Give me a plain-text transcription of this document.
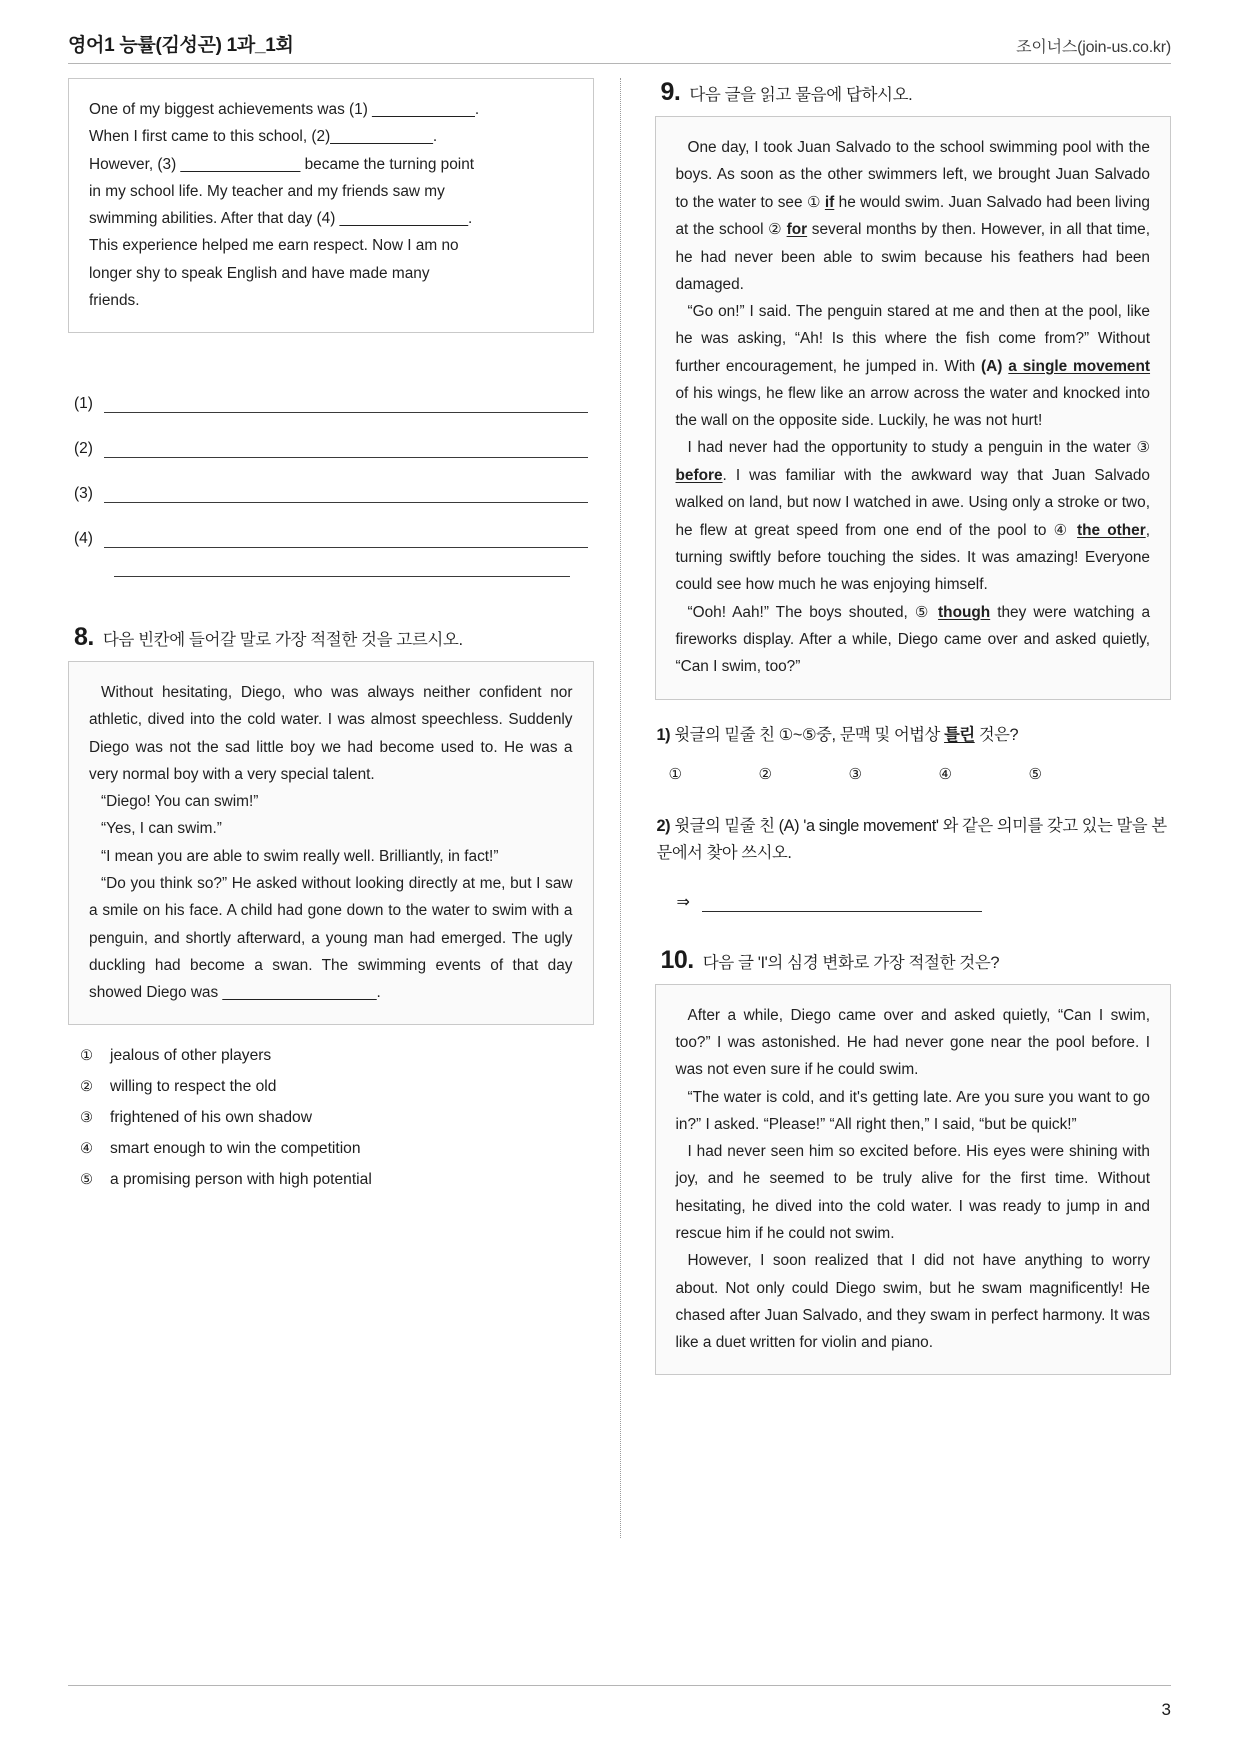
영어1 능률(김성곤) 1과_1회	조이너스(join-us.co.kr)

One of my biggest achievements was (1) ____________.

When I first came to this school, (2)____________.

However, (3) ______________ became the turning point

in my school life. My teacher and my friends saw my

swimming abilities. After that day (4) _______________.

This experience helped me earn respect. Now I am no

longer shy to speak English and have made many

friends.

(1)
(2)
(3)
(4)
8. 다음 빈칸에 들어갈 말로 가장 적절한 것을 고르시오.

Without hesitating, Diego, who was always neither confident nor athletic, dived into the cold water. I was almost speechless. Suddenly Diego was not the sad little boy we had become used to. He was a very normal boy with a very special talent.

“Diego! You can swim!”

“Yes, I can swim.”

“I mean you are able to swim really well. Brilliantly, in fact!”

“Do you think so?” He asked without looking directly at me, but I saw a smile on his face. A child had gone down to the water to swim with a penguin, and shortly afterward, a young man had emerged. The ugly duckling had become a swan. The swimming events of that day showed Diego was __________________.

① jealous of other players
② willing to respect the old
③ frightened of his own shadow
④ smart enough to win the competition
⑤ a promising person with high potential
9. 다음 글을 읽고 물음에 답하시오.

One day, I took Juan Salvado to the school swimming pool with the boys. As soon as the other swimmers left, we brought Juan Salvado to the water to see ① if he would swim. Juan Salvado had been living at the school ② for several months by then. However, in all that time, he had never been able to swim because his feathers had been damaged.

“Go on!” I said. The penguin stared at me and then at the pool, like he was asking, “Ah! Is this where the fish come from?” Without further encouragement, he jumped in. With (A) a single movement of his wings, he flew like an arrow across the water and knocked into the wall on the opposite side. Luckily, he was not hurt!

I had never had the opportunity to study a penguin in the water ③ before. I was familiar with the awkward way that Juan Salvado walked on land, but now I watched in awe. Using only a stroke or two, he flew at great speed from one end of the pool to ④ the other, turning swiftly before touching the sides. It was amazing! Everyone could see how much he was enjoying himself.

“Ooh! Aah!” The boys shouted, ⑤ though they were watching a fireworks display. After a while, Diego came over and asked quietly, “Can I swim, too?”

1) 윗글의 밑줄 친 ①~⑤중, 문맥 및 어법상 틀린 것은?
①	②	③	④	⑤
2) 윗글의 밑줄 친 (A) 'a single movement' 와 같은 의미를 갖고 있는 말을 본문에서 찾아 쓰시오.
⇒
10. 다음 글 'I'의 심경 변화로 가장 적절한 것은?

After a while, Diego came over and asked quietly, “Can I swim, too?” I was astonished. He had never gone near the pool before. I was not even sure if he could swim.

“The water is cold, and it's getting late. Are you sure you want to go in?” I asked. “Please!” “All right then,” I said, “but be quick!”

I had never seen him so excited before. His eyes were shining with joy, and he seemed to be truly alive for the first time. Without hesitating, he dived into the cold water. I was ready to jump in and rescue him if he could not swim.

However, I soon realized that I did not have anything to worry about. Not only could Diego swim, but he swam magnificently! He chased after Juan Salvado, and they swam in perfect harmony. It was like a duet written for violin and piano.

3
